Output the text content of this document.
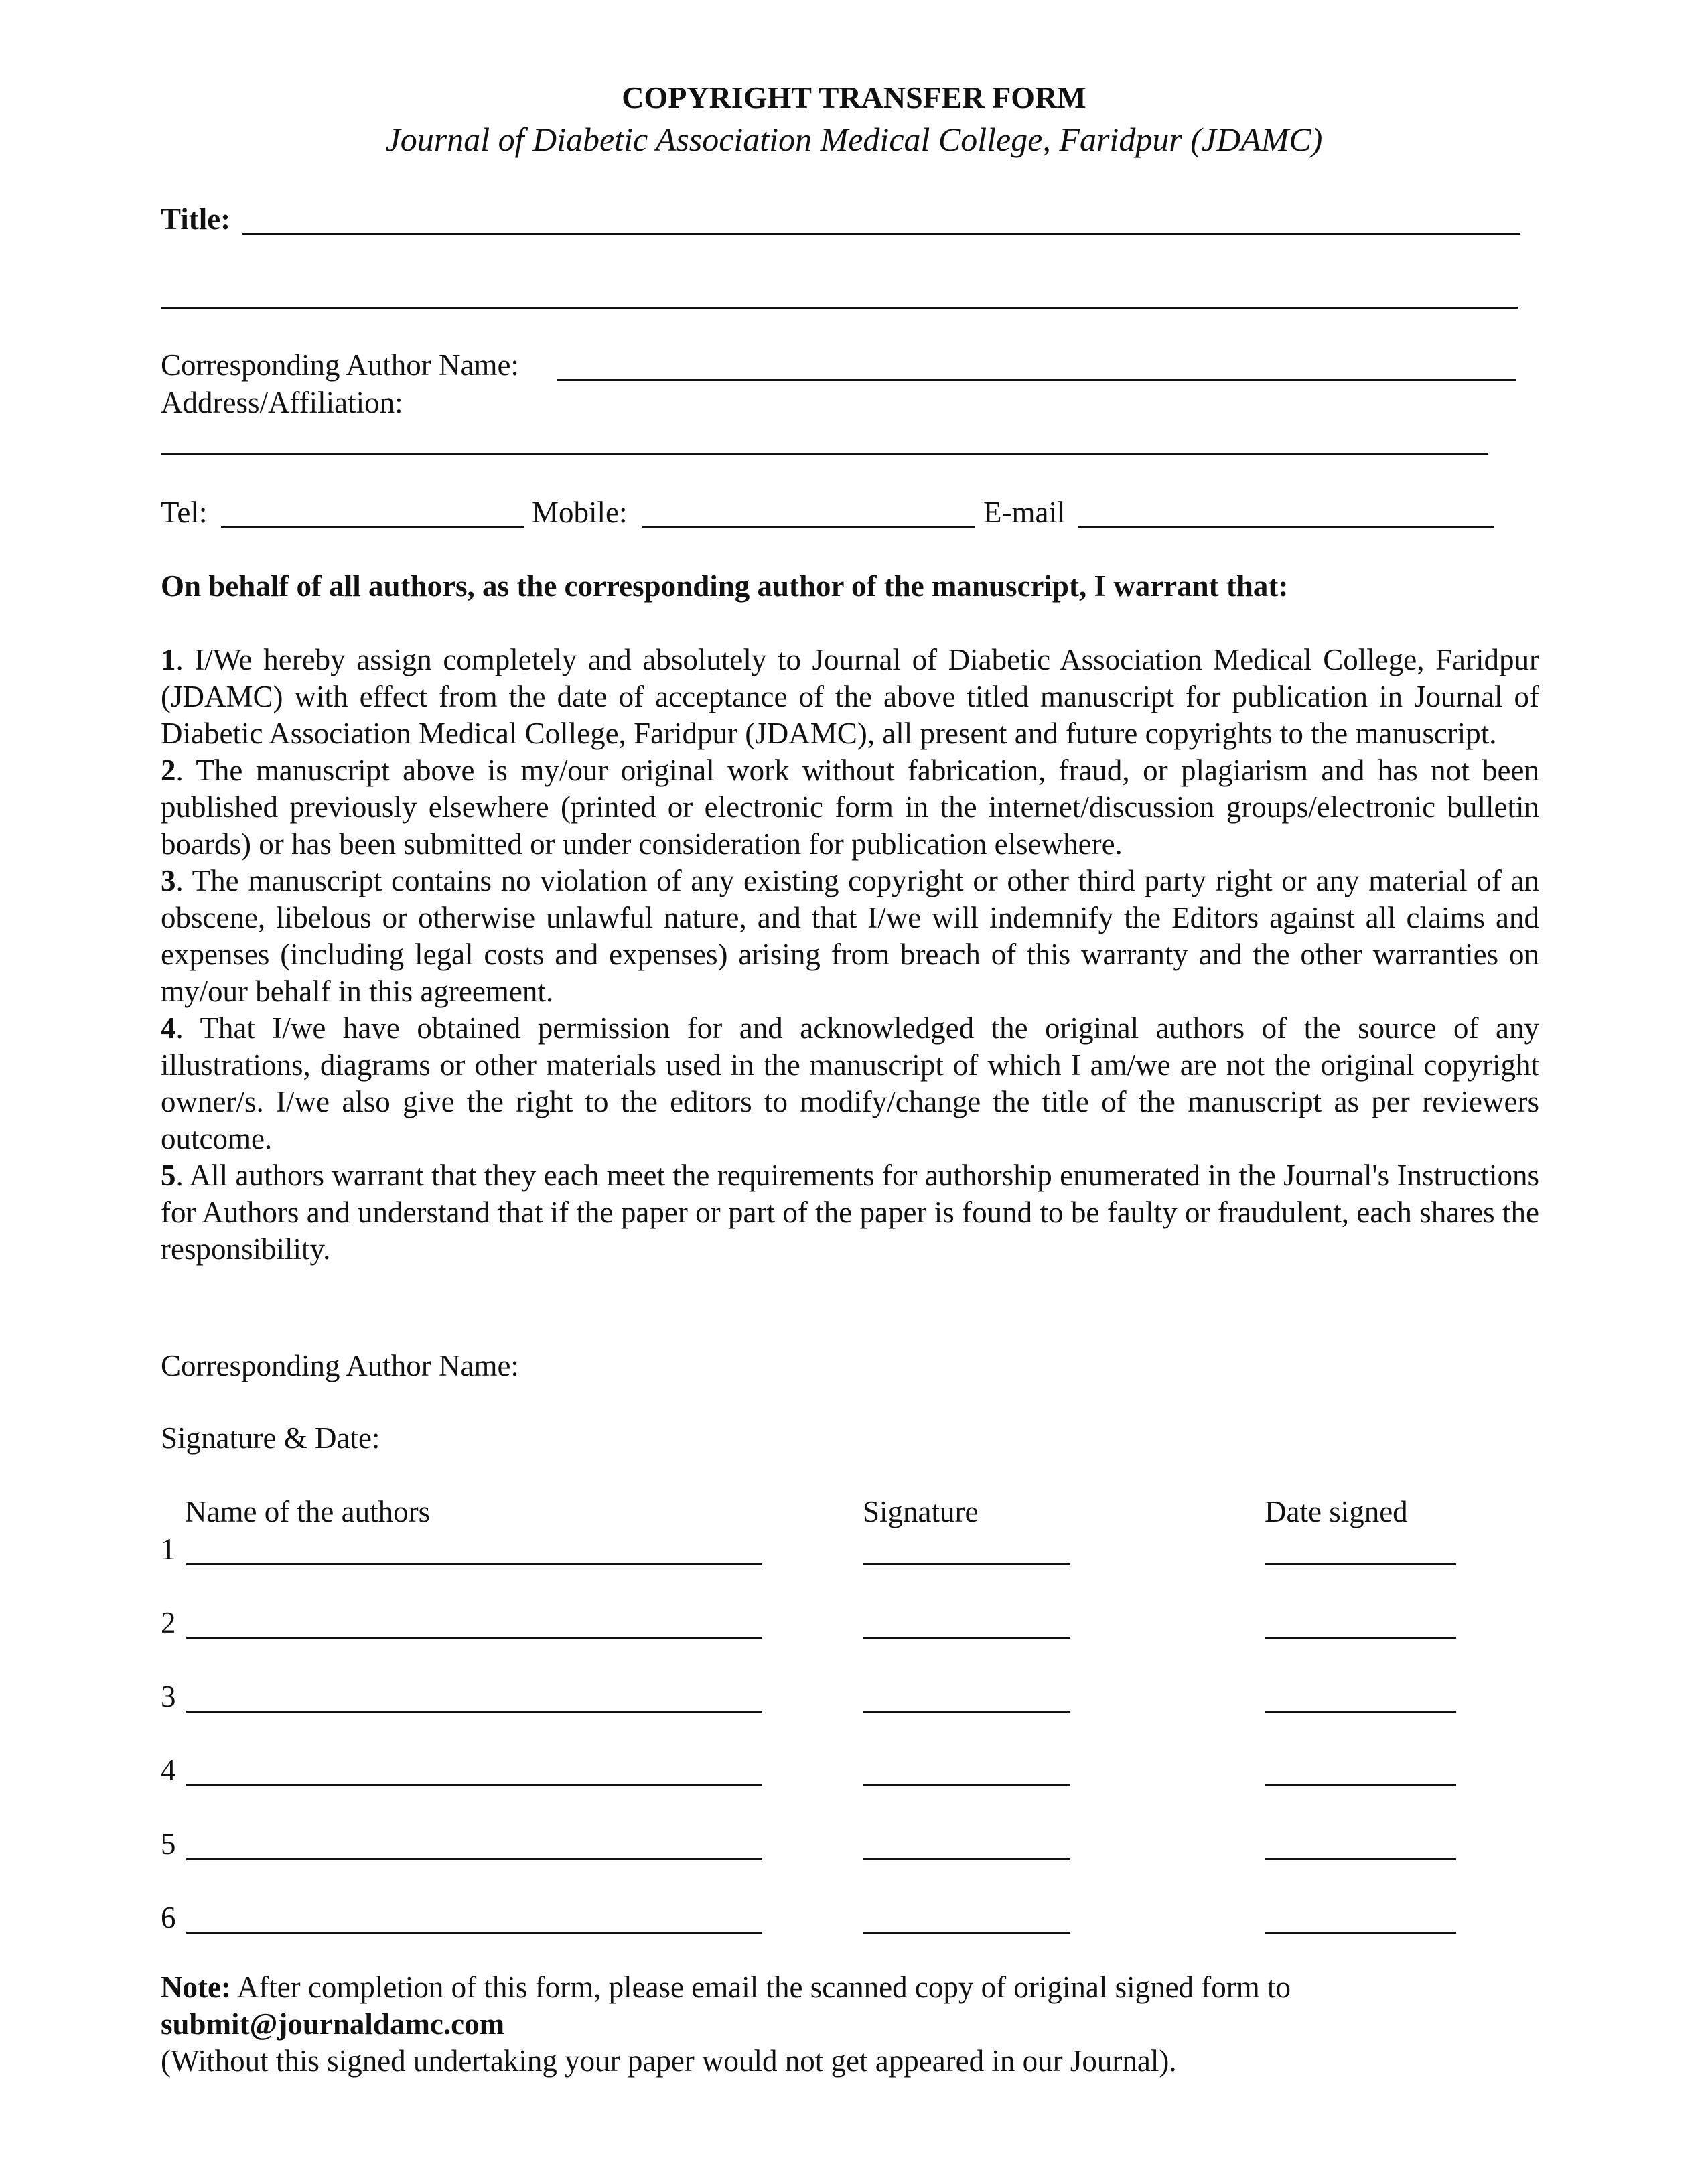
COPYRIGHT TRANSFER FORM
Journal of Diabetic Association Medical College, Faridpur (JDAMC)
Title:
Corresponding Author Name:
Address/Affiliation:
Tel:	Mobile:	E-mail
On behalf of all authors, as the corresponding author of the manuscript, I warrant that:

1. I/We hereby assign completely and absolutely to Journal of Diabetic Association Medical College, Faridpur (JDAMC) with effect from the date of acceptance of the above titled manuscript for publication in Journal of Diabetic Association Medical College, Faridpur (JDAMC), all present and future copyrights to the manuscript.

2. The manuscript above is my/our original work without fabrication, fraud, or plagiarism and has not been published previously elsewhere (printed or electronic form in the internet/discussion groups/electronic bulletin boards) or has been submitted or under consideration for publication elsewhere.

3. The manuscript contains no violation of any existing copyright or other third party right or any material of an obscene, libelous or otherwise unlawful nature, and that I/we will indemnify the Editors against all claims and expenses (including legal costs and expenses) arising from breach of this warranty and the other warranties on my/our behalf in this agreement.

4. That I/we have obtained permission for and acknowledged the original authors of the source of any illustrations, diagrams or other materials used in the manuscript of which I am/we are not the original copyright owner/s. I/we also give the right to the editors to modify/change the title of the manuscript as per reviewers outcome.

5. All authors warrant that they each meet the requirements for authorship enumerated in the Journal's Instructions for Authors and understand that if the paper or part of the paper is found to be faulty or fraudulent, each shares the responsibility.

Corresponding Author Name:
Signature & Date:
Name of the authors	Signature	Date signed
1
2
3
4
5
6
Note: After completion of this form, please email the scanned copy of original signed form to
submit@journaldamc.com
(Without this signed undertaking your paper would not get appeared in our Journal).
